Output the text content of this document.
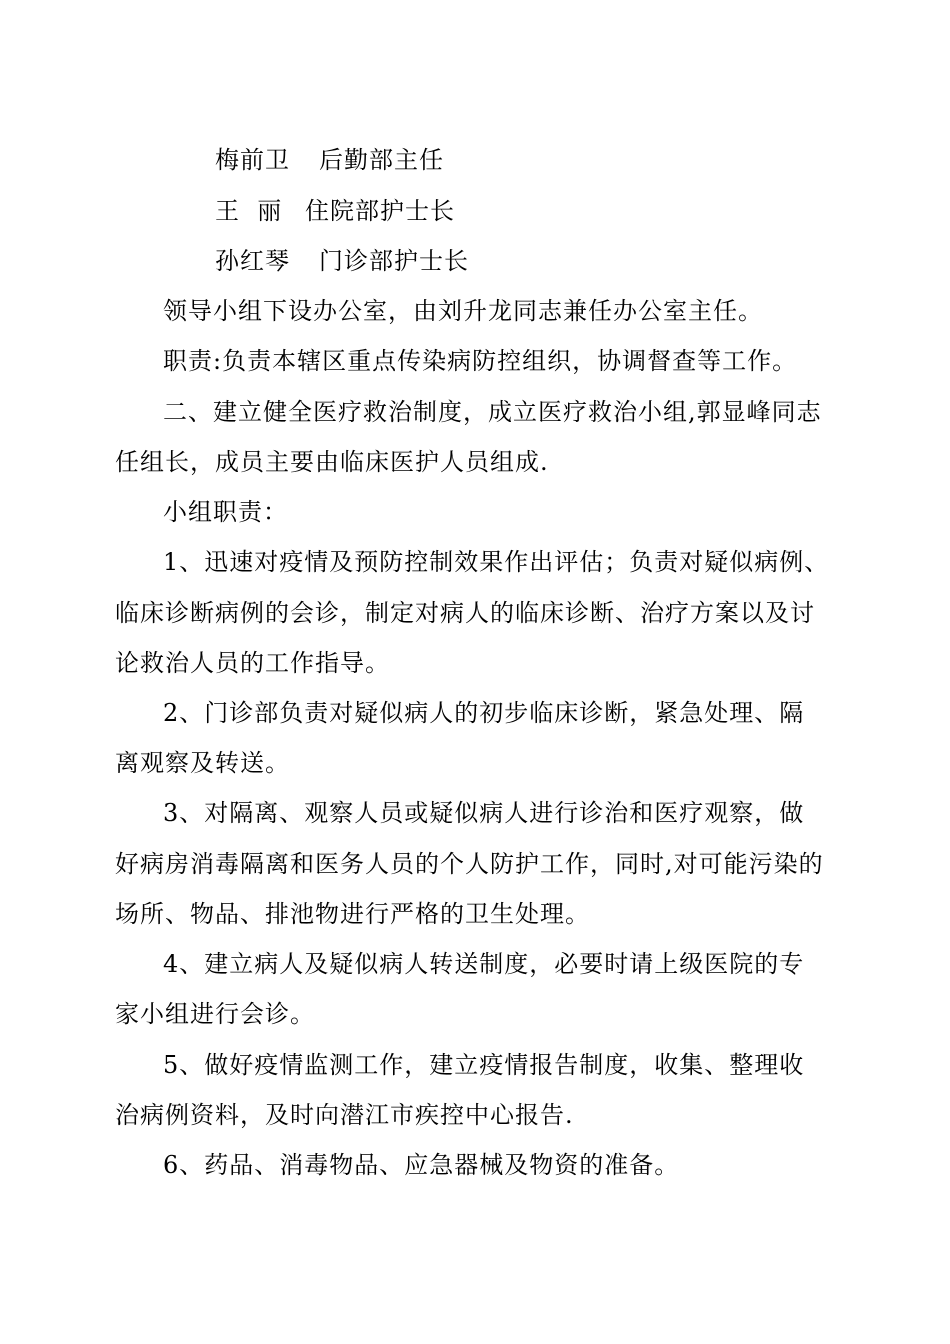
梅前卫 后勤部主任
王  丽 住院部护士长
孙红琴 门诊部护士长
领导小组下设办公室，由刘升龙同志兼任办公室主任。
职责:负责本辖区重点传染病防控组织，协调督查等工作。
二、建立健全医疗救治制度，成立医疗救治小组,郭显峰同志
任组长，成员主要由临床医护人员组成.
小组职责：
1、迅速对疫情及预防控制效果作出评估；负责对疑似病例、
临床诊断病例的会诊，制定对病人的临床诊断、治疗方案以及讨
论救治人员的工作指导。
2、门诊部负责对疑似病人的初步临床诊断，紧急处理、隔
离观察及转送。
3、对隔离、观察人员或疑似病人进行诊治和医疗观察，做
好病房消毒隔离和医务人员的个人防护工作，同时,对可能污染的
场所、物品、排池物进行严格的卫生处理。
4、建立病人及疑似病人转送制度，必要时请上级医院的专
家小组进行会诊。
5、做好疫情监测工作，建立疫情报告制度，收集、整理收
治病例资料，及时向潜江市疾控中心报告.
6、药品、消毒物品、应急器械及物资的准备。
